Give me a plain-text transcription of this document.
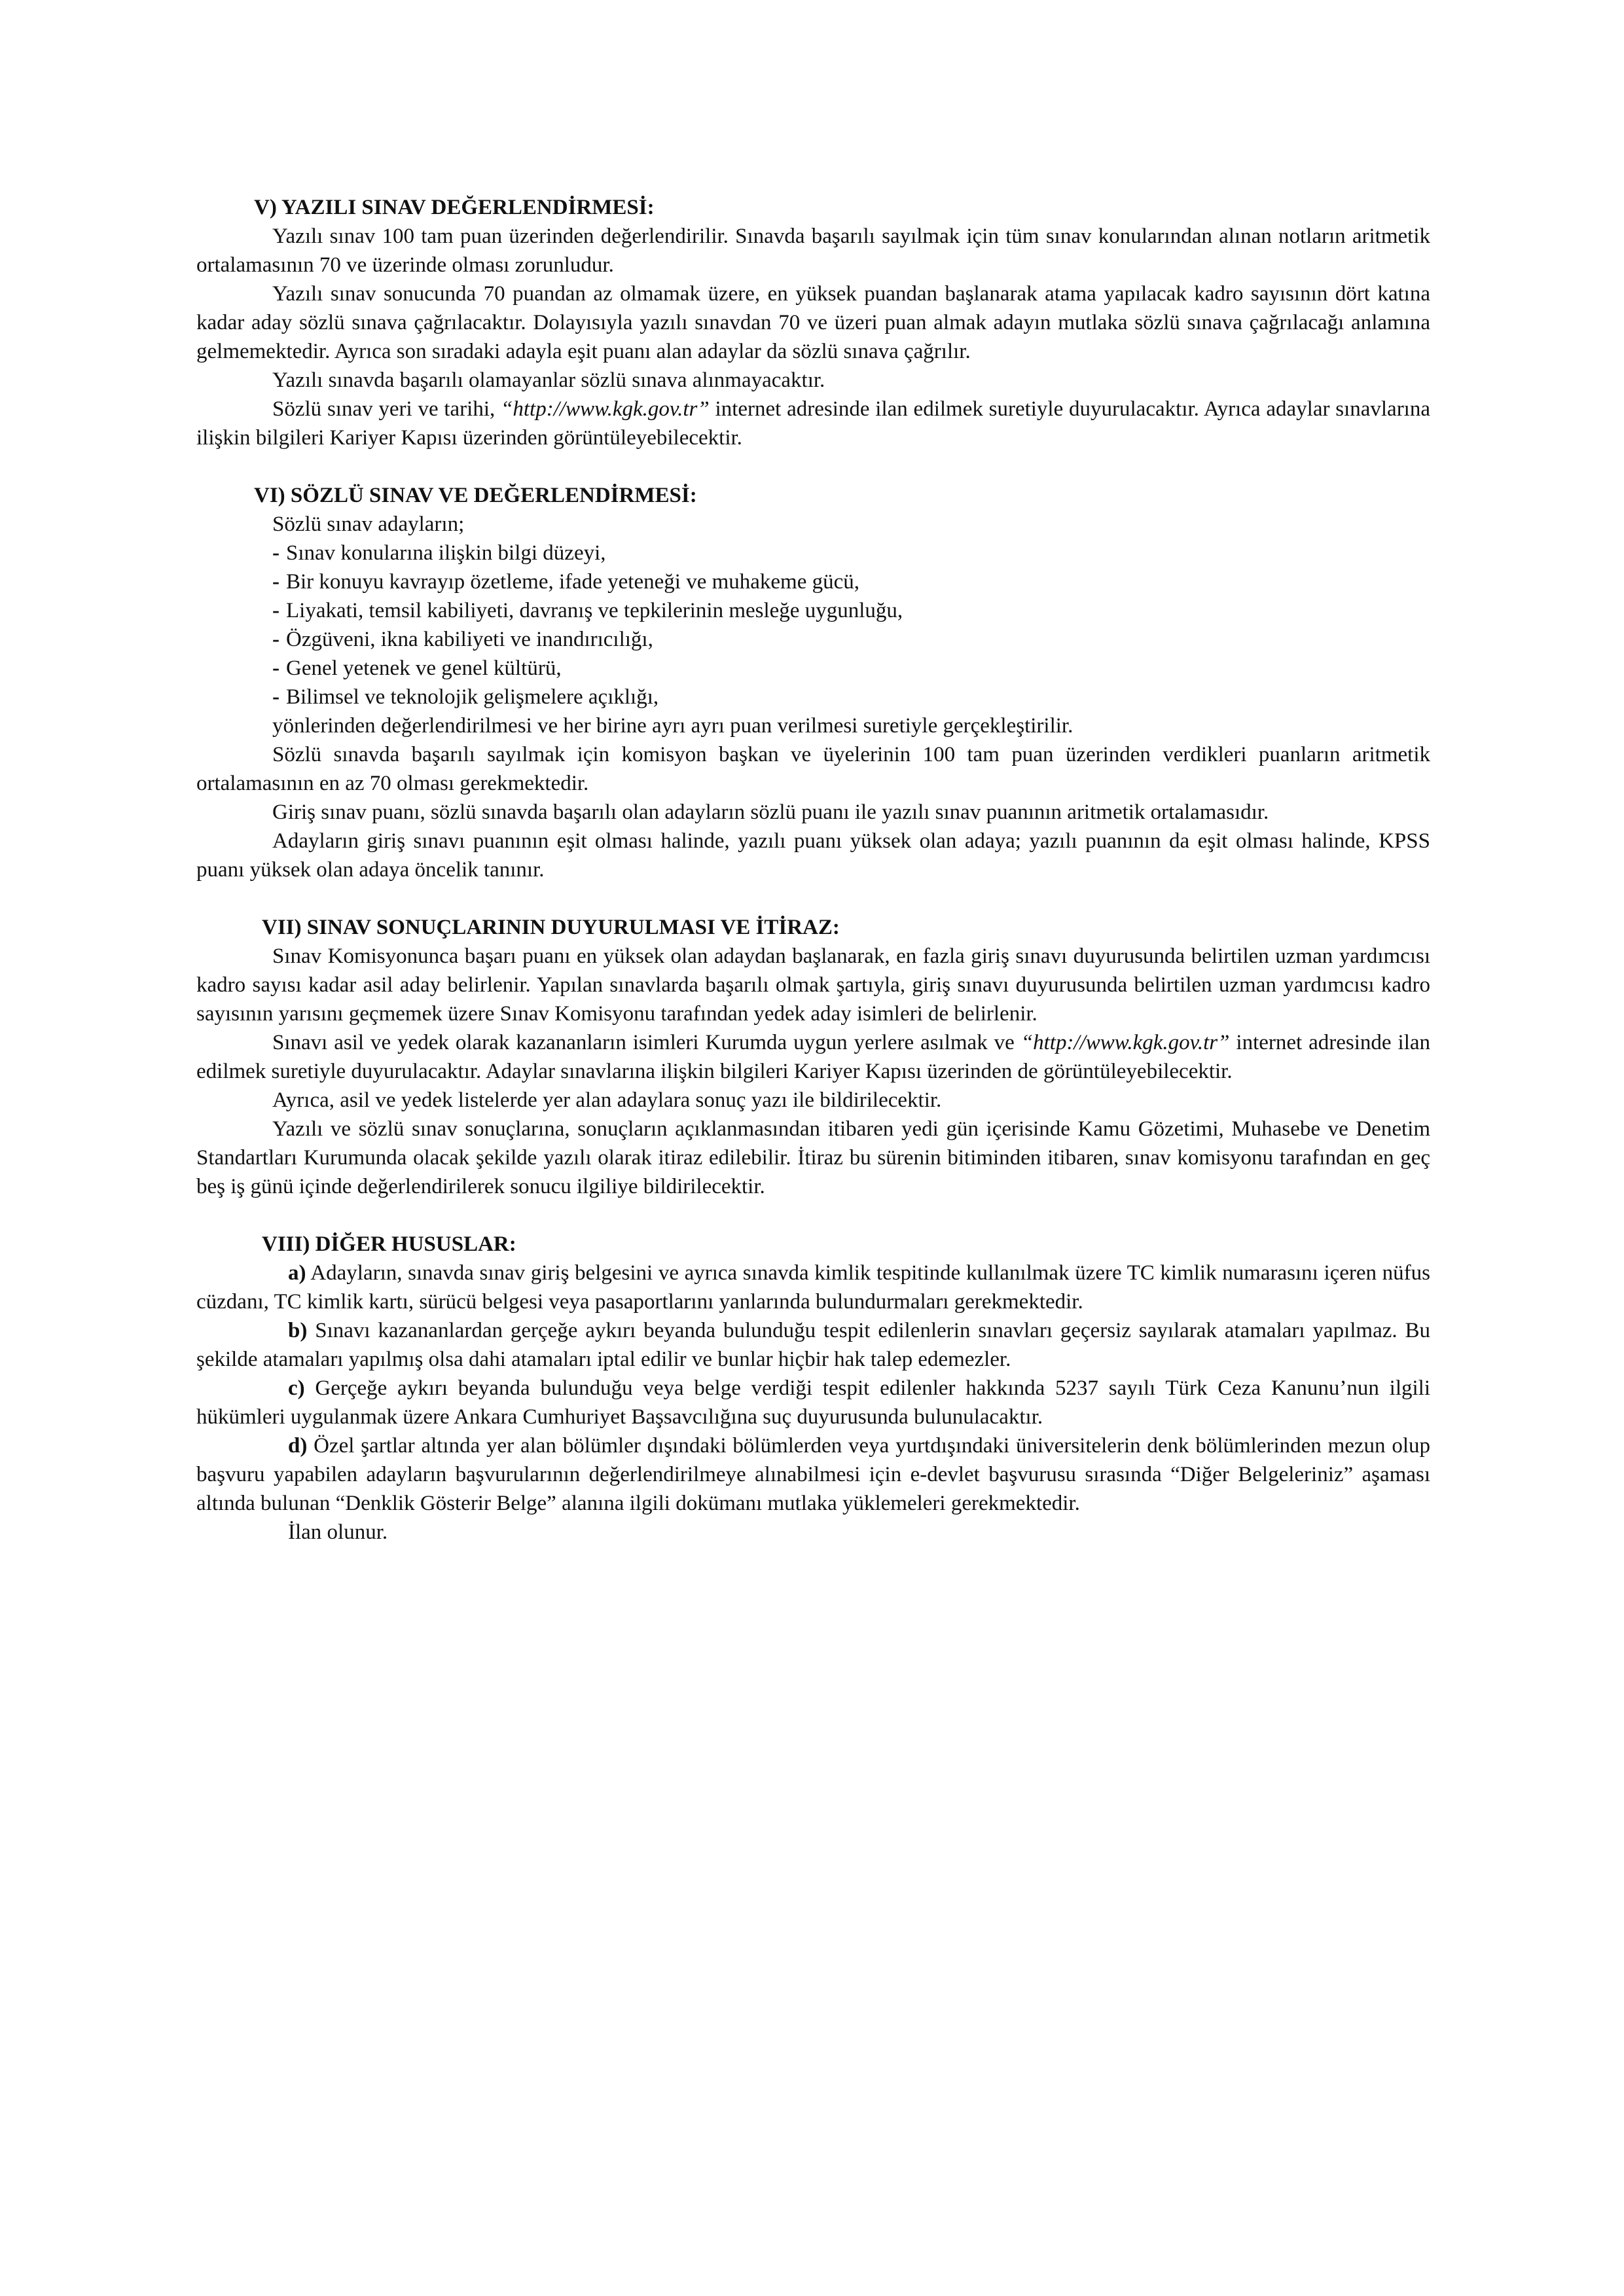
V) YAZILI SINAV DEĞERLENDİRMESİ:

Yazılı sınav 100 tam puan üzerinden değerlendirilir. Sınavda başarılı sayılmak için tüm sınav konularından alınan notların aritmetik ortalamasının 70 ve üzerinde olması zorunludur.

Yazılı sınav sonucunda 70 puandan az olmamak üzere, en yüksek puandan başlanarak atama yapılacak kadro sayısının dört katına kadar aday sözlü sınava çağrılacaktır. Dolayısıyla yazılı sınavdan 70 ve üzeri puan almak adayın mutlaka sözlü sınava çağrılacağı anlamına gelmemektedir. Ayrıca son sıradaki adayla eşit puanı alan adaylar da sözlü sınava çağrılır.

Yazılı sınavda başarılı olamayanlar sözlü sınava alınmayacaktır.

Sözlü sınav yeri ve tarihi, “http://www.kgk.gov.tr” internet adresinde ilan edilmek suretiyle duyurulacaktır. Ayrıca adaylar sınavlarına ilişkin bilgileri Kariyer Kapısı üzerinden görüntüleyebilecektir.

VI) SÖZLÜ SINAV VE DEĞERLENDİRMESİ:

Sözlü sınav adayların;

- Sınav konularına ilişkin bilgi düzeyi,
- Bir konuyu kavrayıp özetleme, ifade yeteneği ve muhakeme gücü,
- Liyakati, temsil kabiliyeti, davranış ve tepkilerinin mesleğe uygunluğu,
- Özgüveni, ikna kabiliyeti ve inandırıcılığı,
- Genel yetenek ve genel kültürü,
- Bilimsel ve teknolojik gelişmelere açıklığı,

yönlerinden değerlendirilmesi ve her birine ayrı ayrı puan verilmesi suretiyle gerçekleştirilir.

Sözlü sınavda başarılı sayılmak için komisyon başkan ve üyelerinin 100 tam puan üzerinden verdikleri puanların aritmetik ortalamasının en az 70 olması gerekmektedir.

Giriş sınav puanı, sözlü sınavda başarılı olan adayların sözlü puanı ile yazılı sınav puanının aritmetik ortalamasıdır.

Adayların giriş sınavı puanının eşit olması halinde, yazılı puanı yüksek olan adaya; yazılı puanının da eşit olması halinde, KPSS puanı yüksek olan adaya öncelik tanınır.

VII) SINAV SONUÇLARININ DUYURULMASI VE İTİRAZ:

Sınav Komisyonunca başarı puanı en yüksek olan adaydan başlanarak, en fazla giriş sınavı duyurusunda belirtilen uzman yardımcısı kadro sayısı kadar asil aday belirlenir. Yapılan sınavlarda başarılı olmak şartıyla, giriş sınavı duyurusunda belirtilen uzman yardımcısı kadro sayısının yarısını geçmemek üzere Sınav Komisyonu tarafından yedek aday isimleri de belirlenir.

Sınavı asil ve yedek olarak kazananların isimleri Kurumda uygun yerlere asılmak ve “http://www.kgk.gov.tr” internet adresinde ilan edilmek suretiyle duyurulacaktır. Adaylar sınavlarına ilişkin bilgileri Kariyer Kapısı üzerinden de görüntüleyebilecektir.

Ayrıca, asil ve yedek listelerde yer alan adaylara sonuç yazı ile bildirilecektir.

Yazılı ve sözlü sınav sonuçlarına, sonuçların açıklanmasından itibaren yedi gün içerisinde Kamu Gözetimi, Muhasebe ve Denetim Standartları Kurumunda olacak şekilde yazılı olarak itiraz edilebilir. İtiraz bu sürenin bitiminden itibaren, sınav komisyonu tarafından en geç beş iş günü içinde değerlendirilerek sonucu ilgiliye bildirilecektir.

VIII) DİĞER HUSUSLAR:

a) Adayların, sınavda sınav giriş belgesini ve ayrıca sınavda kimlik tespitinde kullanılmak üzere TC kimlik numarasını içeren nüfus cüzdanı, TC kimlik kartı, sürücü belgesi veya pasaportlarını yanlarında bulundurmaları gerekmektedir.

b) Sınavı kazananlardan gerçeğe aykırı beyanda bulunduğu tespit edilenlerin sınavları geçersiz sayılarak atamaları yapılmaz. Bu şekilde atamaları yapılmış olsa dahi atamaları iptal edilir ve bunlar hiçbir hak talep edemezler.

c) Gerçeğe aykırı beyanda bulunduğu veya belge verdiği tespit edilenler hakkında 5237 sayılı Türk Ceza Kanunu’nun ilgili hükümleri uygulanmak üzere Ankara Cumhuriyet Başsavcılığına suç duyurusunda bulunulacaktır.

d) Özel şartlar altında yer alan bölümler dışındaki bölümlerden veya yurtdışındaki üniversitelerin denk bölümlerinden mezun olup başvuru yapabilen adayların başvurularının değerlendirilmeye alınabilmesi için e-devlet başvurusu sırasında “Diğer Belgeleriniz” aşaması altında bulunan “Denklik Gösterir Belge” alanına ilgili dokümanı mutlaka yüklemeleri gerekmektedir.

İlan olunur.
